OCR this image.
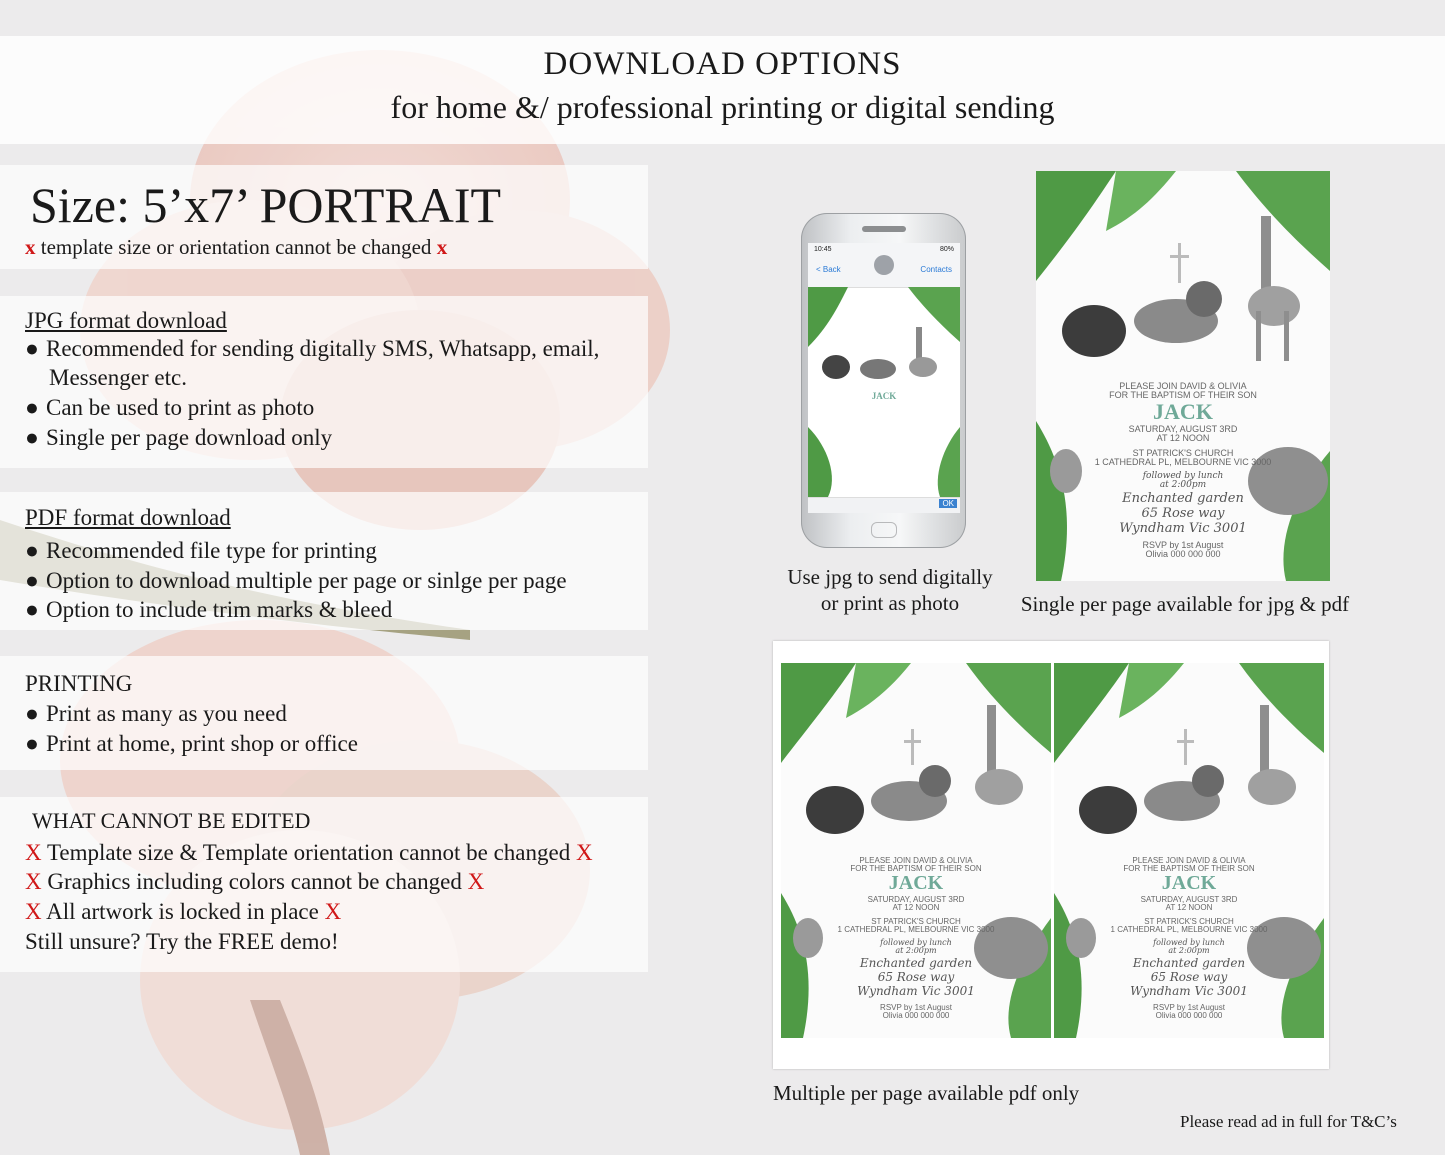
DOWNLOAD OPTIONS
for home &/ professional printing or digital sending
Size: 5’x7’ PORTRAIT
x template size or orientation cannot be changed x
JPG format download
● Recommended for sending digitally SMS, Whatsapp, email,
Messenger etc.
● Can be used to print as photo
● Single per page download only
PDF format download
● Recommended file type for printing
● Option to download multiple per page or sinlge per page
● Option to include trim marks & bleed
PRINTING
● Print as many as you need
● Print at home, print shop or office
WHAT CANNOT BE EDITED
X Template size & Template orientation cannot be changed X
X Graphics including colors cannot be changed X
X All artwork is locked in place X
Still unsure? Try the FREE demo!
10:45	80%
< Back	Contacts
JACK
OK
Use jpg to send digitally
or print as photo
PLEASE JOIN DAVID & OLIVIA
FOR THE BAPTISM OF THEIR SON
JACK
SATURDAY, AUGUST 3RD
AT 12 NOON
ST PATRICK'S CHURCH
1 CATHEDRAL PL, MELBOURNE VIC 3000
followed by lunch
at 2:00pm
Enchanted garden
65 Rose way
Wyndham Vic 3001
RSVP by 1st August
Olivia 000 000 000
Single per page available for jpg & pdf
PLEASE JOIN DAVID & OLIVIA
FOR THE BAPTISM OF THEIR SON
JACK
SATURDAY, AUGUST 3RD
AT 12 NOON
ST PATRICK'S CHURCH
1 CATHEDRAL PL, MELBOURNE VIC 3000
followed by lunch
at 2:00pm
Enchanted garden
65 Rose way
Wyndham Vic 3001
RSVP by 1st August
Olivia 000 000 000
PLEASE JOIN DAVID & OLIVIA
FOR THE BAPTISM OF THEIR SON
JACK
SATURDAY, AUGUST 3RD
AT 12 NOON
ST PATRICK'S CHURCH
1 CATHEDRAL PL, MELBOURNE VIC 3000
followed by lunch
at 2:00pm
Enchanted garden
65 Rose way
Wyndham Vic 3001
RSVP by 1st August
Olivia 000 000 000
Multiple per page available pdf only
Please read ad in full for T&C’s
